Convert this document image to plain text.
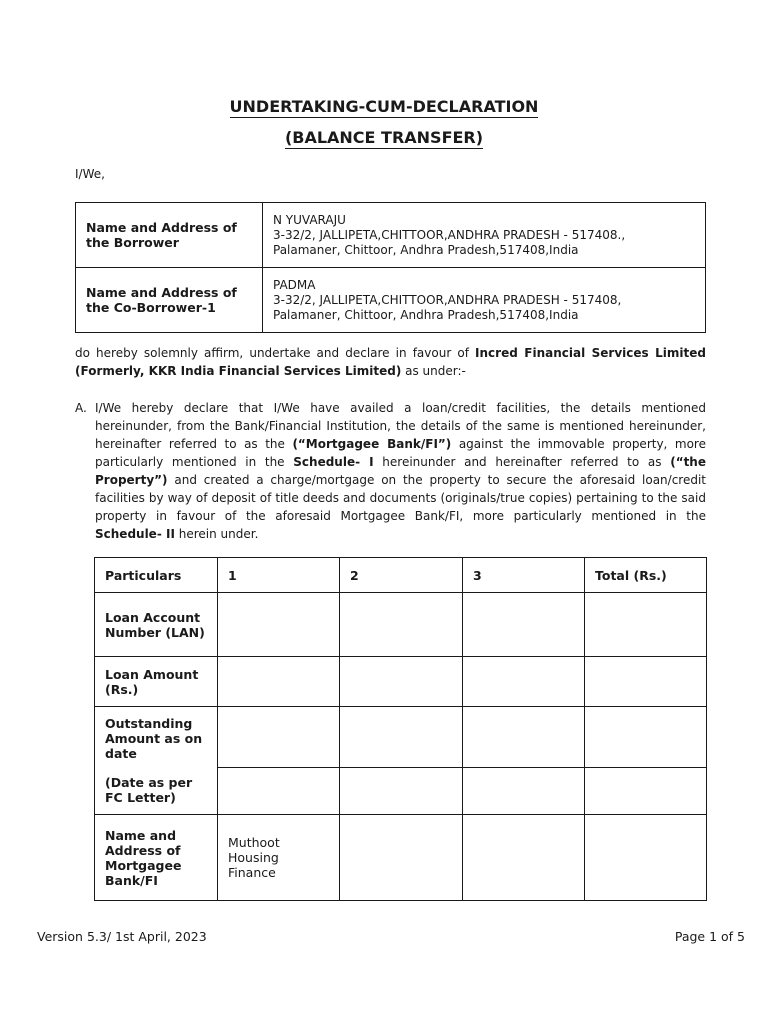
UNDERTAKING-CUM-DECLARATION
(BALANCE TRANSFER)
I/We,
Name and Address of the Borrower	N YUVARAJU
3-32/2, JALLIPETA,CHITTOOR,ANDHRA PRADESH - 517408.,
Palamaner, Chittoor, Andhra Pradesh,517408,India

Name and Address of the Co-Borrower-1	PADMA
3-32/2, JALLIPETA,CHITTOOR,ANDHRA PRADESH - 517408,
Palamaner, Chittoor, Andhra Pradesh,517408,India
do hereby solemnly affirm, undertake and declare in favour of Incred Financial Services Limited (Formerly, KKR India Financial Services Limited) as under:-
A. I/We hereby declare that I/We have availed a loan/credit facilities, the details mentioned hereinunder, from the Bank/Financial Institution, the details of the same is mentioned hereinunder, hereinafter referred to as the (“Mortgagee Bank/FI”) against the immovable property, more particularly mentioned in the Schedule- I hereinunder and hereinafter referred to as (“the Property”) and created a charge/mortgage on the property to secure the aforesaid loan/credit facilities by way of deposit of title deeds and documents (originals/true copies) pertaining to the said property in favour of the aforesaid Mortgagee Bank/FI, more particularly mentioned in the Schedule- II herein under.
Particulars	1	2	3	Total (Rs.)
Loan Account Number (LAN)				
Loan Amount (Rs.)				

Outstanding Amount as on date
(Date as per FC Letter)				

Name and Address of Mortgagee Bank/FI	Muthoot Housing Finance			
Version 5.3/ 1st April, 2023	Page 1 of 5
